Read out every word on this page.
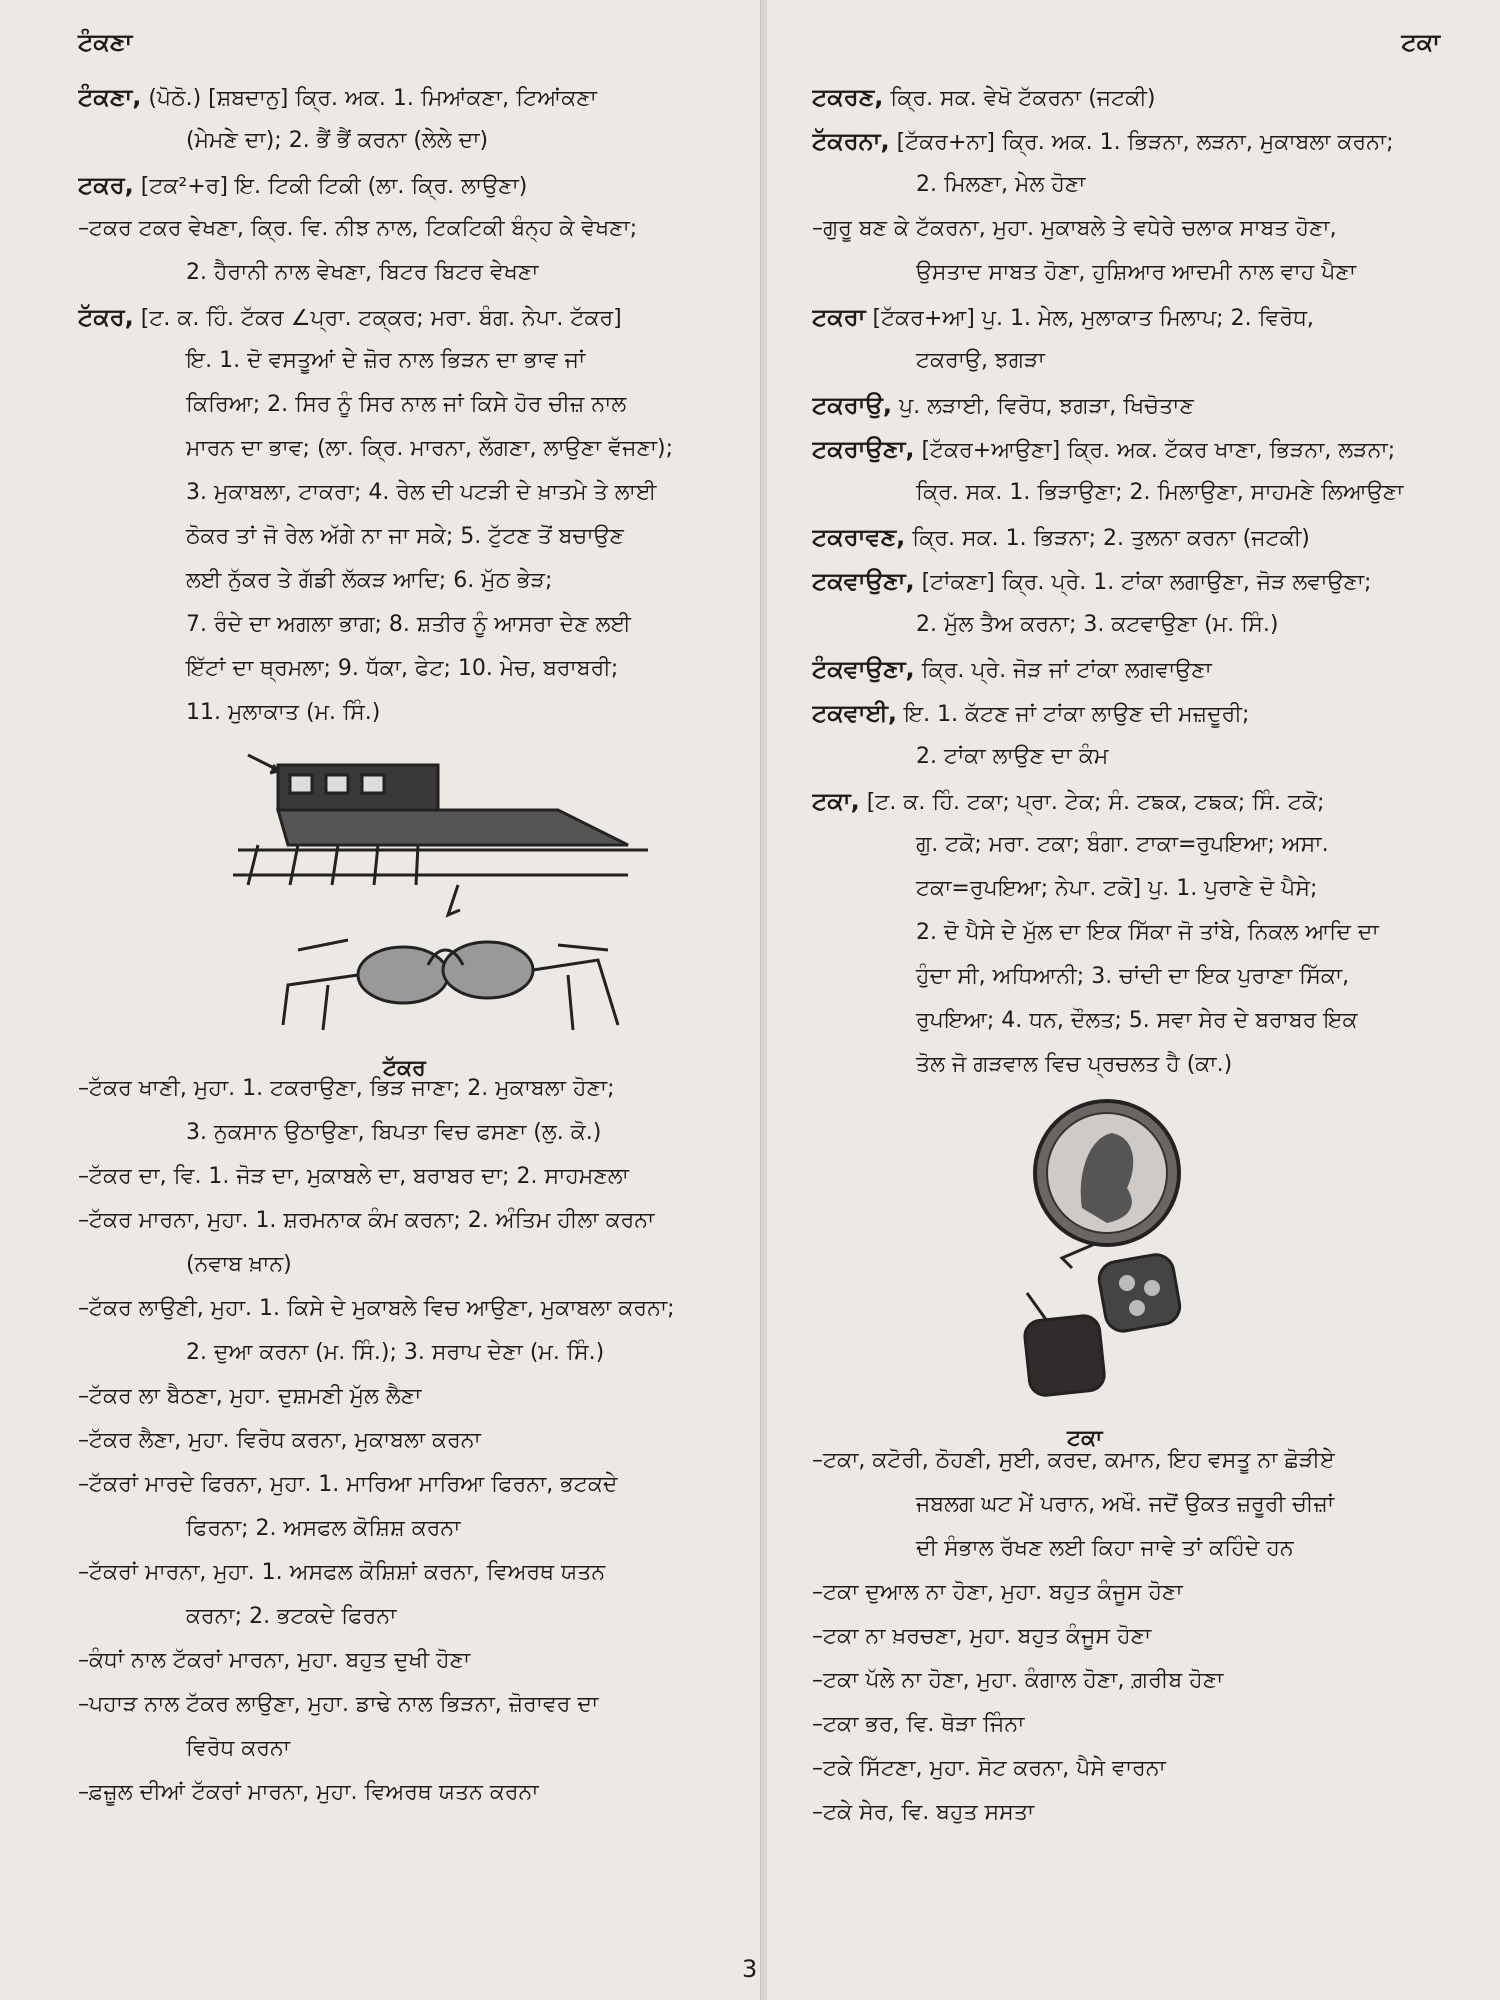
ਟੰਕਣਾ	ਟਕਾ
ਟੰਕਣਾ, (ਪੋਠੋ.) [ਸ਼ਬਦਾਨੁ] ਕ੍ਰਿ. ਅਕ. 1. ਮਿਆਂਕਣਾ, ਟਿਆਂਕਣਾ
(ਮੇਮਣੇ ਦਾ); 2. ਭੈਂ ਭੈਂ ਕਰਨਾ (ਲੇਲੇ ਦਾ)
ਟਕਰ, [ਟਕ²+ਰ] ਇ. ਟਿਕੀ ਟਿਕੀ (ਲਾ. ਕ੍ਰਿ. ਲਾਉਣਾ)
–ਟਕਰ ਟਕਰ ਵੇਖਣਾ, ਕ੍ਰਿ. ਵਿ. ਨੀਝ ਨਾਲ, ਟਿਕਟਿਕੀ ਬੰਨ੍ਹ ਕੇ ਵੇਖਣਾ;
2. ਹੈਰਾਨੀ ਨਾਲ ਵੇਖਣਾ, ਬਿਟਰ ਬਿਟਰ ਵੇਖਣਾ
ਟੱਕਰ, [ਟ. ਕ. ਹਿੰ. ਟੱਕਰ ∠ਪ੍ਰਾ. ਟਕ੍ਕਰ; ਮਰਾ. ਬੰਗ. ਨੇਪਾ. ਟੱਕਰ]
ਇ. 1. ਦੋ ਵਸਤੂਆਂ ਦੇ ਜ਼ੋਰ ਨਾਲ ਭਿੜਨ ਦਾ ਭਾਵ ਜਾਂ
ਕਿਰਿਆ; 2. ਸਿਰ ਨੂੰ ਸਿਰ ਨਾਲ ਜਾਂ ਕਿਸੇ ਹੋਰ ਚੀਜ਼ ਨਾਲ
ਮਾਰਨ ਦਾ ਭਾਵ; (ਲਾ. ਕ੍ਰਿ. ਮਾਰਨਾ, ਲੱਗਣਾ, ਲਾਉਣਾ ਵੱਜਣਾ);
3. ਮੁਕਾਬਲਾ, ਟਾਕਰਾ; 4. ਰੇਲ ਦੀ ਪਟੜੀ ਦੇ ਖ਼ਾਤਮੇ ਤੇ ਲਾਈ
ਠੋਕਰ ਤਾਂ ਜੋ ਰੇਲ ਅੱਗੇ ਨਾ ਜਾ ਸਕੇ; 5. ਟੁੱਟਣ ਤੋਂ ਬਚਾਉਣ
ਲਈ ਨੁੱਕਰ ਤੇ ਗੱਡੀ ਲੱਕੜ ਆਦਿ; 6. ਮੁੱਠ ਭੇੜ;
7. ਰੰਦੇ ਦਾ ਅਗਲਾ ਭਾਗ; 8. ਸ਼ਤੀਰ ਨੂੰ ਆਸਰਾ ਦੇਣ ਲਈ
ਇੱਟਾਂ ਦਾ ਥ੍ਰਮਲਾ; 9. ਧੱਕਾ, ਫੇਟ; 10. ਮੇਚ, ਬਰਾਬਰੀ;
11. ਮੁਲਾਕਾਤ (ਮ. ਸਿੰ.)
ਟੱਕਰ
–ਟੱਕਰ ਖਾਣੀ, ਮੁਹਾ. 1. ਟਕਰਾਉਣਾ, ਭਿੜ ਜਾਣਾ; 2. ਮੁਕਾਬਲਾ ਹੋਣਾ;
3. ਨੁਕਸਾਨ ਉਠਾਉਣਾ, ਬਿਪਤਾ ਵਿਚ ਫਸਣਾ (ਲੁ. ਕੋ.)
–ਟੱਕਰ ਦਾ, ਵਿ. 1. ਜੋੜ ਦਾ, ਮੁਕਾਬਲੇ ਦਾ, ਬਰਾਬਰ ਦਾ; 2. ਸਾਹਮਣਲਾ
–ਟੱਕਰ ਮਾਰਨਾ, ਮੁਹਾ. 1. ਸ਼ਰਮਨਾਕ ਕੰਮ ਕਰਨਾ; 2. ਅੰਤਿਮ ਹੀਲਾ ਕਰਨਾ
(ਨਵਾਬ ਖ਼ਾਨ)
–ਟੱਕਰ ਲਾਉਣੀ, ਮੁਹਾ. 1. ਕਿਸੇ ਦੇ ਮੁਕਾਬਲੇ ਵਿਚ ਆਉਣਾ, ਮੁਕਾਬਲਾ ਕਰਨਾ;
2. ਦੁਆ ਕਰਨਾ (ਮ. ਸਿੰ.); 3. ਸਰਾਪ ਦੇਣਾ (ਮ. ਸਿੰ.)
–ਟੱਕਰ ਲਾ ਬੈਠਣਾ, ਮੁਹਾ. ਦੁਸ਼ਮਣੀ ਮੁੱਲ ਲੈਣਾ
–ਟੱਕਰ ਲੈਣਾ, ਮੁਹਾ. ਵਿਰੋਧ ਕਰਨਾ, ਮੁਕਾਬਲਾ ਕਰਨਾ
–ਟੱਕਰਾਂ ਮਾਰਦੇ ਫਿਰਨਾ, ਮੁਹਾ. 1. ਮਾਰਿਆ ਮਾਰਿਆ ਫਿਰਨਾ, ਭਟਕਦੇ
ਫਿਰਨਾ; 2. ਅਸਫਲ ਕੋਸ਼ਿਸ਼ ਕਰਨਾ
–ਟੱਕਰਾਂ ਮਾਰਨਾ, ਮੁਹਾ. 1. ਅਸਫਲ ਕੋਸ਼ਿਸ਼ਾਂ ਕਰਨਾ, ਵਿਅਰਥ ਯਤਨ
ਕਰਨਾ; 2. ਭਟਕਦੇ ਫਿਰਨਾ
–ਕੰਧਾਂ ਨਾਲ ਟੱਕਰਾਂ ਮਾਰਨਾ, ਮੁਹਾ. ਬਹੁਤ ਦੁਖੀ ਹੋਣਾ
–ਪਹਾੜ ਨਾਲ ਟੱਕਰ ਲਾਉਣਾ, ਮੁਹਾ. ਡਾਢੇ ਨਾਲ ਭਿੜਨਾ, ਜ਼ੋਰਾਵਰ ਦਾ
ਵਿਰੋਧ ਕਰਨਾ
–ਫ਼ਜ਼ੂਲ ਦੀਆਂ ਟੱਕਰਾਂ ਮਾਰਨਾ, ਮੁਹਾ. ਵਿਅਰਥ ਯਤਨ ਕਰਨਾ
ਟਕਰਣ, ਕ੍ਰਿ. ਸਕ. ਵੇਖੋ ਟੱਕਰਨਾ (ਜਟਕੀ)
ਟੱਕਰਨਾ, [ਟੱਕਰ+ਨਾ] ਕ੍ਰਿ. ਅਕ. 1. ਭਿੜਨਾ, ਲੜਨਾ, ਮੁਕਾਬਲਾ ਕਰਨਾ;
2. ਮਿਲਣਾ, ਮੇਲ ਹੋਣਾ
–ਗੁਰੂ ਬਣ ਕੇ ਟੱਕਰਨਾ, ਮੁਹਾ. ਮੁਕਾਬਲੇ ਤੇ ਵਧੇਰੇ ਚਲਾਕ ਸਾਬਤ ਹੋਣਾ,
ਉਸਤਾਦ ਸਾਬਤ ਹੋਣਾ, ਹੁਸ਼ਿਆਰ ਆਦਮੀ ਨਾਲ ਵਾਹ ਪੈਣਾ
ਟਕਰਾ [ਟੱਕਰ+ਆ] ਪੁ. 1. ਮੇਲ, ਮੁਲਾਕਾਤ ਮਿਲਾਪ; 2. ਵਿਰੋਧ,
ਟਕਰਾਉ, ਝਗੜਾ
ਟਕਰਾਉ, ਪੁ. ਲੜਾਈ, ਵਿਰੋਧ, ਝਗੜਾ, ਖਿਚੋਤਾਣ
ਟਕਰਾਉਣਾ, [ਟੱਕਰ+ਆਉਣਾ] ਕ੍ਰਿ. ਅਕ. ਟੱਕਰ ਖਾਣਾ, ਭਿੜਨਾ, ਲੜਨਾ;
ਕ੍ਰਿ. ਸਕ. 1. ਭਿੜਾਉਣਾ; 2. ਮਿਲਾਉਣਾ, ਸਾਹਮਣੇ ਲਿਆਉਣਾ
ਟਕਰਾਵਣ, ਕ੍ਰਿ. ਸਕ. 1. ਭਿੜਨਾ; 2. ਤੁਲਨਾ ਕਰਨਾ (ਜਟਕੀ)
ਟਕਵਾਉਣਾ, [ਟਾਂਕਣਾ] ਕ੍ਰਿ. ਪ੍ਰੇ. 1. ਟਾਂਕਾ ਲਗਾਉਣਾ, ਜੋੜ ਲਵਾਉਣਾ;
2. ਮੁੱਲ ਤੈਅ ਕਰਨਾ; 3. ਕਟਵਾਉਣਾ (ਮ. ਸਿੰ.)
ਟੰਕਵਾਉਣਾ, ਕ੍ਰਿ. ਪ੍ਰੇ. ਜੋੜ ਜਾਂ ਟਾਂਕਾ ਲਗਵਾਉਣਾ
ਟਕਵਾਈ, ਇ. 1. ਕੱਟਣ ਜਾਂ ਟਾਂਕਾ ਲਾਉਣ ਦੀ ਮਜ਼ਦੂਰੀ;
2. ਟਾਂਕਾ ਲਾਉਣ ਦਾ ਕੰਮ
ਟਕਾ, [ਟ. ਕ. ਹਿੰ. ਟਕਾ; ਪ੍ਰਾ. ਟੇਕ; ਸੰ. ਟਙਕ, ਟਙਕ; ਸਿੰ. ਟਕੋ;
ਗੁ. ਟਕੋ; ਮਰਾ. ਟਕਾ; ਬੰਗਾ. ਟਾਕਾ=ਰੁਪਇਆ; ਅਸਾ.
ਟਕਾ=ਰੁਪਇਆ; ਨੇਪਾ. ਟਕੋ] ਪੁ. 1. ਪੁਰਾਣੇ ਦੋ ਪੈਸੇ;
2. ਦੋ ਪੈਸੇ ਦੇ ਮੁੱਲ ਦਾ ਇਕ ਸਿੱਕਾ ਜੋ ਤਾਂਬੇ, ਨਿਕਲ ਆਦਿ ਦਾ
ਹੁੰਦਾ ਸੀ, ਅਧਿਆਨੀ; 3. ਚਾਂਦੀ ਦਾ ਇਕ ਪੁਰਾਣਾ ਸਿੱਕਾ,
ਰੁਪਇਆ; 4. ਧਨ, ਦੌਲਤ; 5. ਸਵਾ ਸੇਰ ਦੇ ਬਰਾਬਰ ਇਕ
ਤੋਲ ਜੋ ਗੜਵਾਲ ਵਿਚ ਪ੍ਰਚਲਤ ਹੈ (ਕਾ.)
ਟਕਾ
–ਟਕਾ, ਕਟੋਰੀ, ਠੋਹਣੀ, ਸੁਈ, ਕਰਦ, ਕਮਾਨ, ਇਹ ਵਸਤੂ ਨਾ ਛੋੜੀਏ
ਜਬਲਗ ਘਟ ਮੇਂ ਪਰਾਨ, ਅਖੌ. ਜਦੋਂ ਉਕਤ ਜ਼ਰੂਰੀ ਚੀਜ਼ਾਂ
ਦੀ ਸੰਭਾਲ ਰੱਖਣ ਲਈ ਕਿਹਾ ਜਾਵੇ ਤਾਂ ਕਹਿੰਦੇ ਹਨ
–ਟਕਾ ਦੁਆਲ ਨਾ ਹੋਣਾ, ਮੁਹਾ. ਬਹੁਤ ਕੰਜੂਸ ਹੋਣਾ
–ਟਕਾ ਨਾ ਖ਼ਰਚਣਾ, ਮੁਹਾ. ਬਹੁਤ ਕੰਜੂਸ ਹੋਣਾ
–ਟਕਾ ਪੱਲੇ ਨਾ ਹੋਣਾ, ਮੁਹਾ. ਕੰਗਾਲ ਹੋਣਾ, ਗ਼ਰੀਬ ਹੋਣਾ
–ਟਕਾ ਭਰ, ਵਿ. ਥੋੜਾ ਜਿੰਨਾ
–ਟਕੇ ਸਿੱਟਣਾ, ਮੁਹਾ. ਸੋਟ ਕਰਨਾ, ਪੈਸੇ ਵਾਰਨਾ
–ਟਕੇ ਸੇਰ, ਵਿ. ਬਹੁਤ ਸਸਤਾ
3
